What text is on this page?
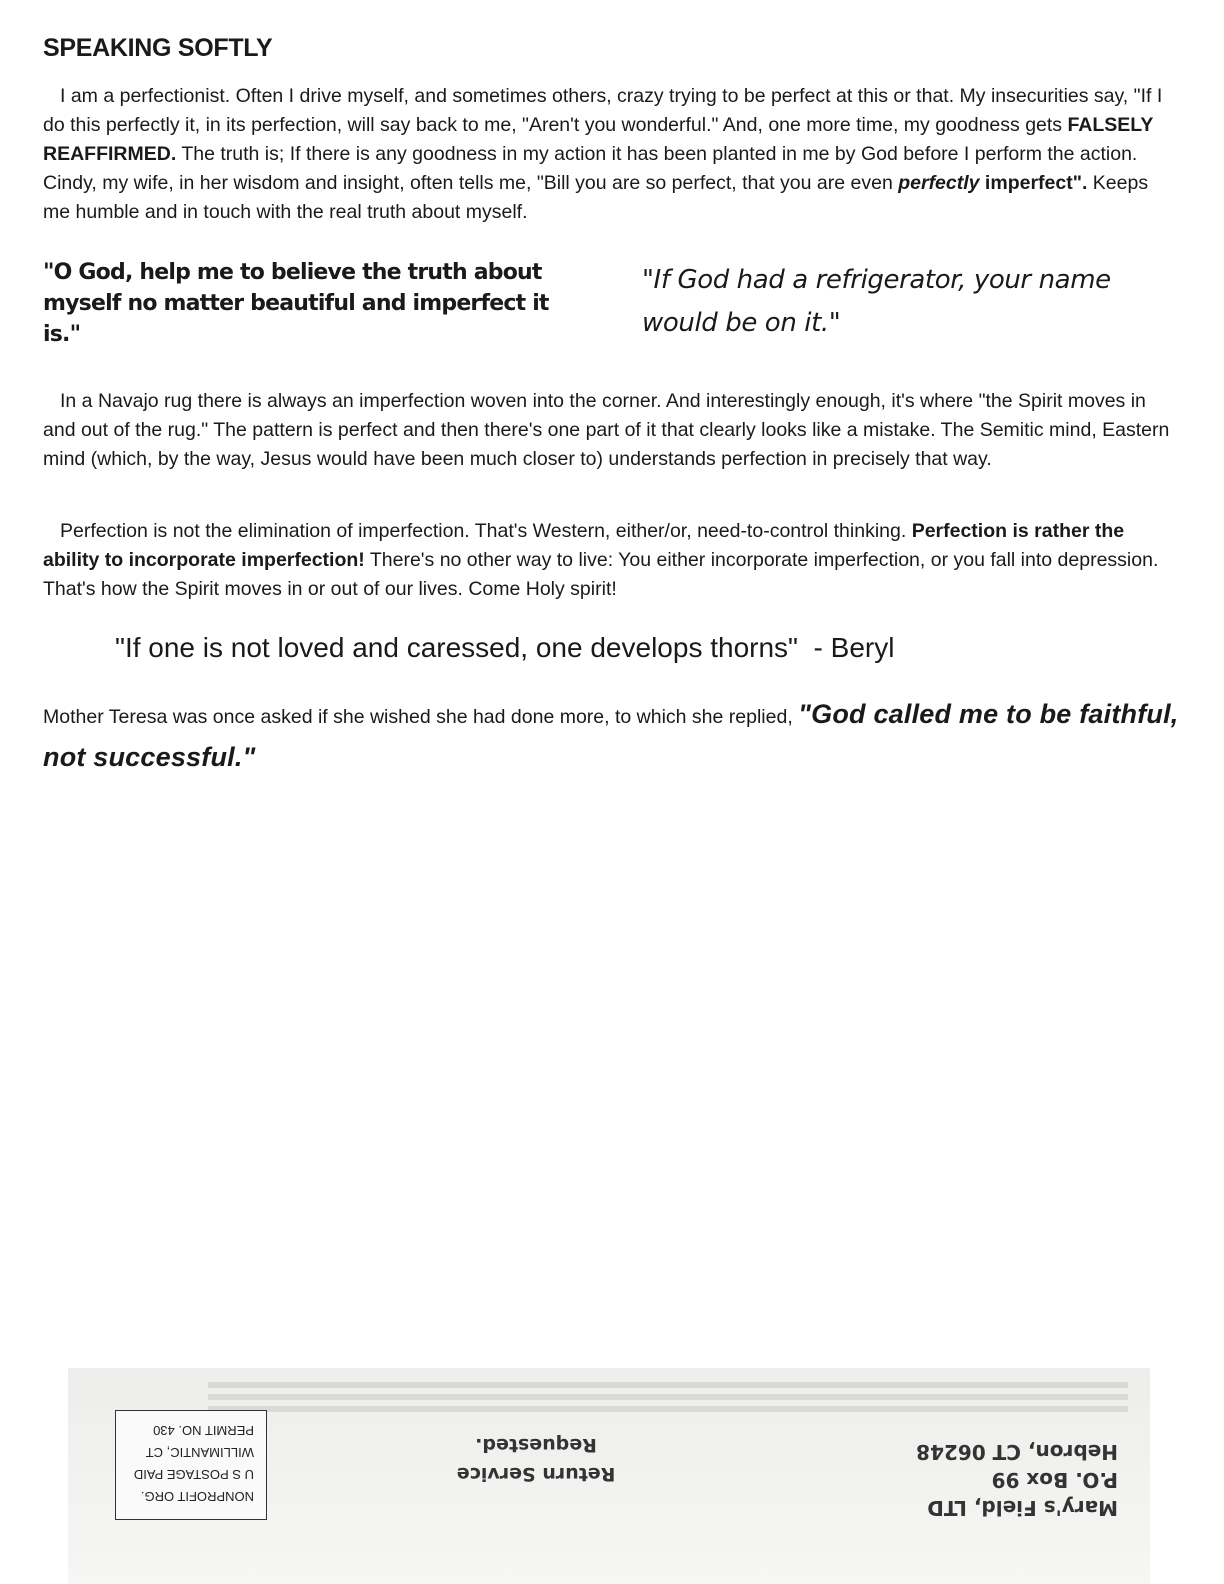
SPEAKING SOFTLY

I am a perfectionist. Often I drive myself, and sometimes others, crazy trying to be perfect at this or that. My insecurities say, "If I do this perfectly it, in its perfection, will say back to me, "Aren't you wonderful." And, one more time, my goodness gets FALSELY REAFFIRMED. The truth is; If there is any goodness in my action it has been planted in me by God before I perform the action. Cindy, my wife, in her wisdom and insight, often tells me, "Bill you are so perfect, that you are even perfectly imperfect". Keeps me humble and in touch with the real truth about myself.

"O God, help me to believe the truth about myself no matter beautiful and imperfect it is."
"If God had a refrigerator, your name would be on it."

In a Navajo rug there is always an imperfection woven into the corner. And interestingly enough, it's where "the Spirit moves in and out of the rug." The pattern is perfect and then there's one part of it that clearly looks like a mistake. The Semitic mind, Eastern mind (which, by the way, Jesus would have been much closer to) understands perfection in precisely that way.

Perfection is not the elimination of imperfection. That's Western, either/or, need-to-control thinking. Perfection is rather the ability to incorporate imperfection! There's no other way to live: You either incorporate imperfection, or you fall into depression. That's how the Spirit moves in or out of our lives. Come Holy spirit!

"If one is not loved and caressed, one develops thorns"  - Beryl
Mother Teresa was once asked if she wished she had done more, to which she replied, "God called me to be faithful, not successful."
NONPROFIT ORG.
U S POSTAGE PAID
WILLIMANTIC, CT
PERMIT NO. 430
Return Service
Requested.
Mary's Field, LTD
P.O. Box 99
Hebron, CT 06248
